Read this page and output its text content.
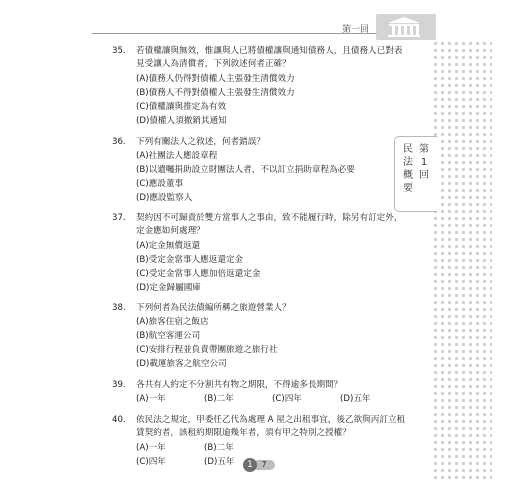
第一回
第1回
民法概要
35.	若債權讓與無效，惟讓與人已將債權讓與通知債務人，且債務人已對表見受讓人為清償者，下列敘述何者正確？
(A)債務人仍得對債權人主張發生清償效力
(B)債務人不得對債權人主張發生清償效力
(C)債權讓與推定為有效
(D)債權人須撤銷其通知
36.	下列有關法人之敘述，何者錯誤？
(A)社團法人應設章程
(B)以遺囑捐助設立財團法人者，不以訂立捐助章程為必要
(C)應設董事
(D)應設監察人
37.	契約因不可歸責於雙方當事人之事由，致不能履行時，除另有訂定外，定金應如何處理？
(A)定金無償返還
(B)受定金當事人應返還定金
(C)受定金當事人應加倍返還定金
(D)定金歸屬國庫
38.	下列何者為民法債編所稱之旅遊營業人？
(A)旅客住宿之飯店
(B)航空客運公司
(C)安排行程並負責帶團旅遊之旅行社
(D)載運旅客之航空公司
39.	各共有人約定不分割共有物之期限，不得逾多長期間？
(A)一年	(B)二年	(C)四年	(D)五年
40.	依民法之規定，甲委任乙代為處理 A 屋之出租事宜，後乙欲與丙訂立租賃契約者，該租約期限逾幾年者，須有甲之特別之授權？
(A)一年	(B)二年
(C)四年	(D)五年	7
1
